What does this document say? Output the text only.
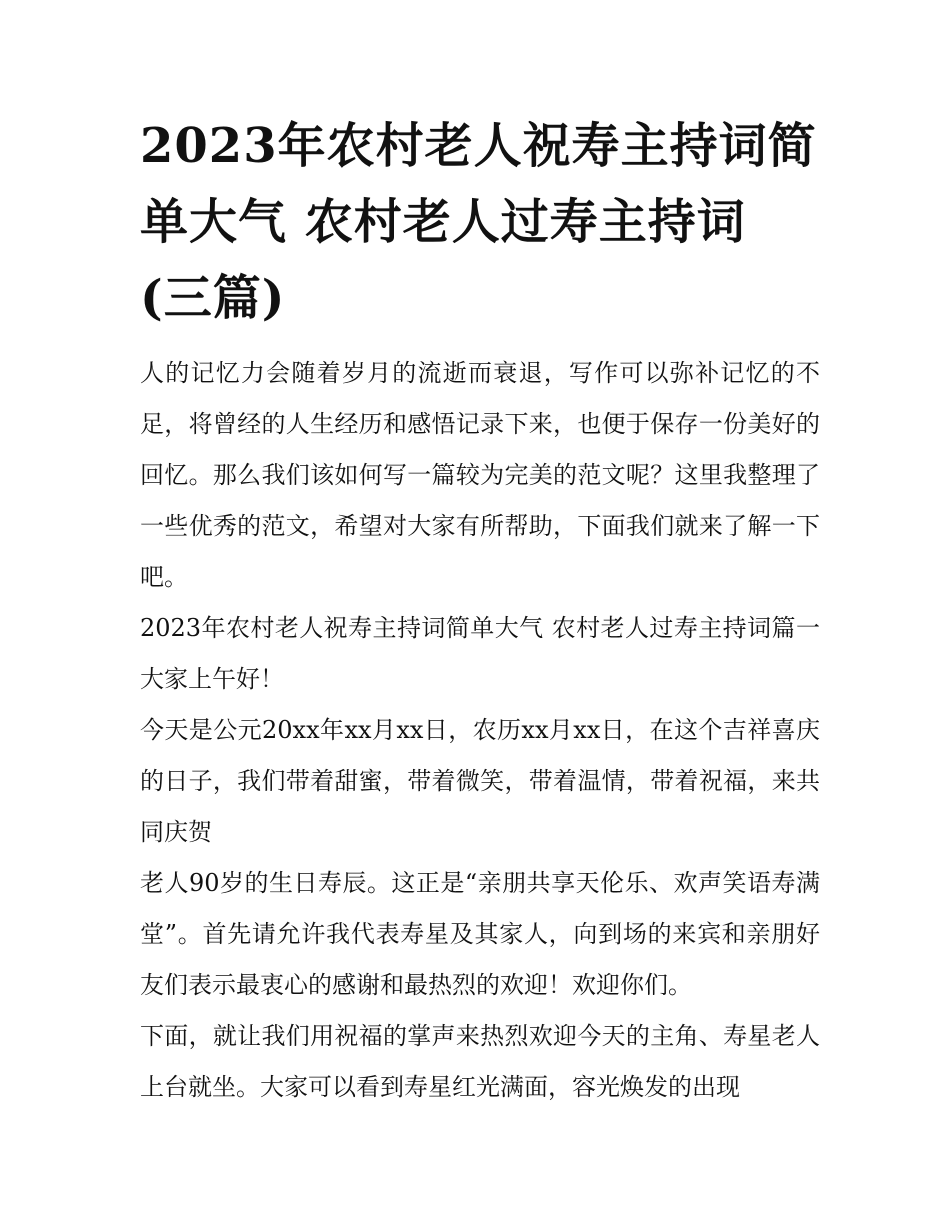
2023年农村老人祝寿主持词简
单大气 农村老人过寿主持词
(三篇)

人的记忆力会随着岁月的流逝而衰退，写作可以弥补记忆的不足，将曾经的人生经历和感悟记录下来，也便于保存一份美好的回忆。那么我们该如何写一篇较为完美的范文呢？这里我整理了一些优秀的范文，希望对大家有所帮助，下面我们就来了解一下吧。

2023年农村老人祝寿主持词简单大气 农村老人过寿主持词篇一 大家上午好！

今天是公元20xx年xx月xx日，农历xx月xx日，在这个吉祥喜庆的日子，我们带着甜蜜，带着微笑，带着温情，带着祝福，来共同庆贺

老人90岁的生日寿辰。这正是“亲朋共享天伦乐、欢声笑语寿满堂”。首先请允许我代表寿星及其家人，向到场的来宾和亲朋好友们表示最衷心的感谢和最热烈的欢迎！欢迎你们。

下面，就让我们用祝福的掌声来热烈欢迎今天的主角、寿星老人上台就坐。大家可以看到寿星红光满面，容光焕发的出现
